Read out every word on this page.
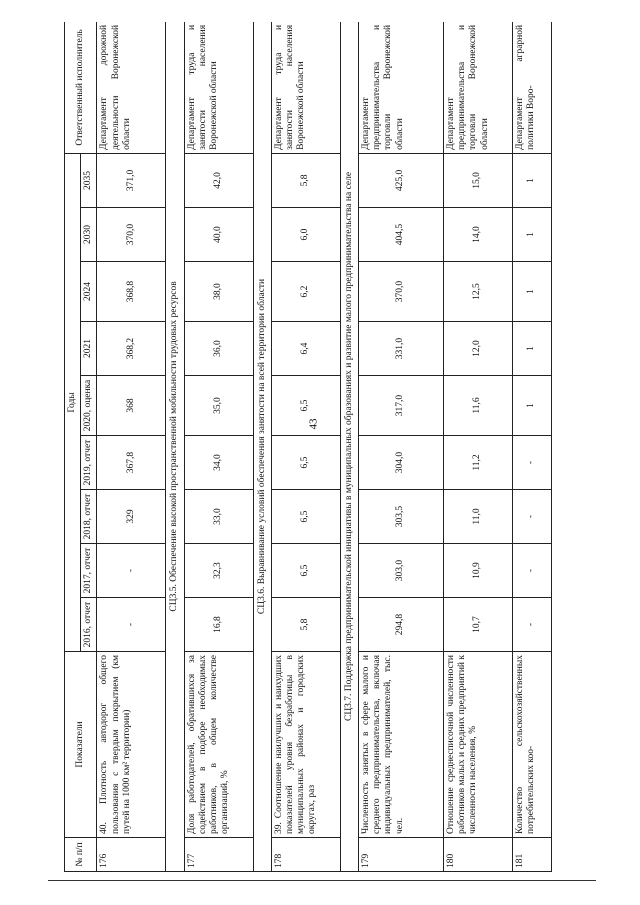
43
№ п/п	Показатели	Годы									Ответственный исполнитель
		2016, отчет	2017, отчет	2018, отчет	2019, отчет	2020, оценка	2021	2024	2030	2035	
176	40. Плотность автодорог общего пользования с твердым покрытием (км путей на 1000 км² территории)	-	-	329	367,8	368	368,2	368,8	370,0	371,0	Департамент дорожной деятельности Воронежской области
СЦ3.5. Обеспечение высокой пространственной мобильности трудовых ресурсов											
177	Доля работодателей, обратившихся за содействием в подборе необходимых работников, в общем количестве организаций, %	16,8	32,3	33,0	34,0	35,0	36,0	38,0	40,0	42,0	Департамент труда и занятости населения Воронежской области
СЦ3.6. Выравнивание условий обеспечения занятости на всей территории области											
178	39. Соотношение наилучших и наихудших показателей уровня безработицы в муниципальных районах и городских округах, раз	5,8	6,5	6,5	6,5	6,5	6,4	6,2	6,0	5,8	Департамент труда и занятости населения Воронежской области
СЦ3.7. Поддержка предпринимательской инициативы в муниципальных образованиях и развитие малого предпринимательства на селе											
179	Численность занятых в сфере малого и среднего предпринимательства, включая индивидуальных предпринимателей, тыс. чел.	294,8	303,0	303,5	304,0	317,0	331,0	370,0	404,5	425,0	Департамент предпринимательства и торговли Воронежской области
180	Отношение среднесписочной численности работников малых и средних предприятий к численности населения, %	10,7	10,9	11,0	11,2	11,6	12,0	12,5	14,0	15,0	Департамент предпринимательства и торговли Воронежской области
181	Количество сельскохозяйственных потребительских коо-	-	-	-	-	1	1	1	1	1	Департамент аграрной политики Воро-
